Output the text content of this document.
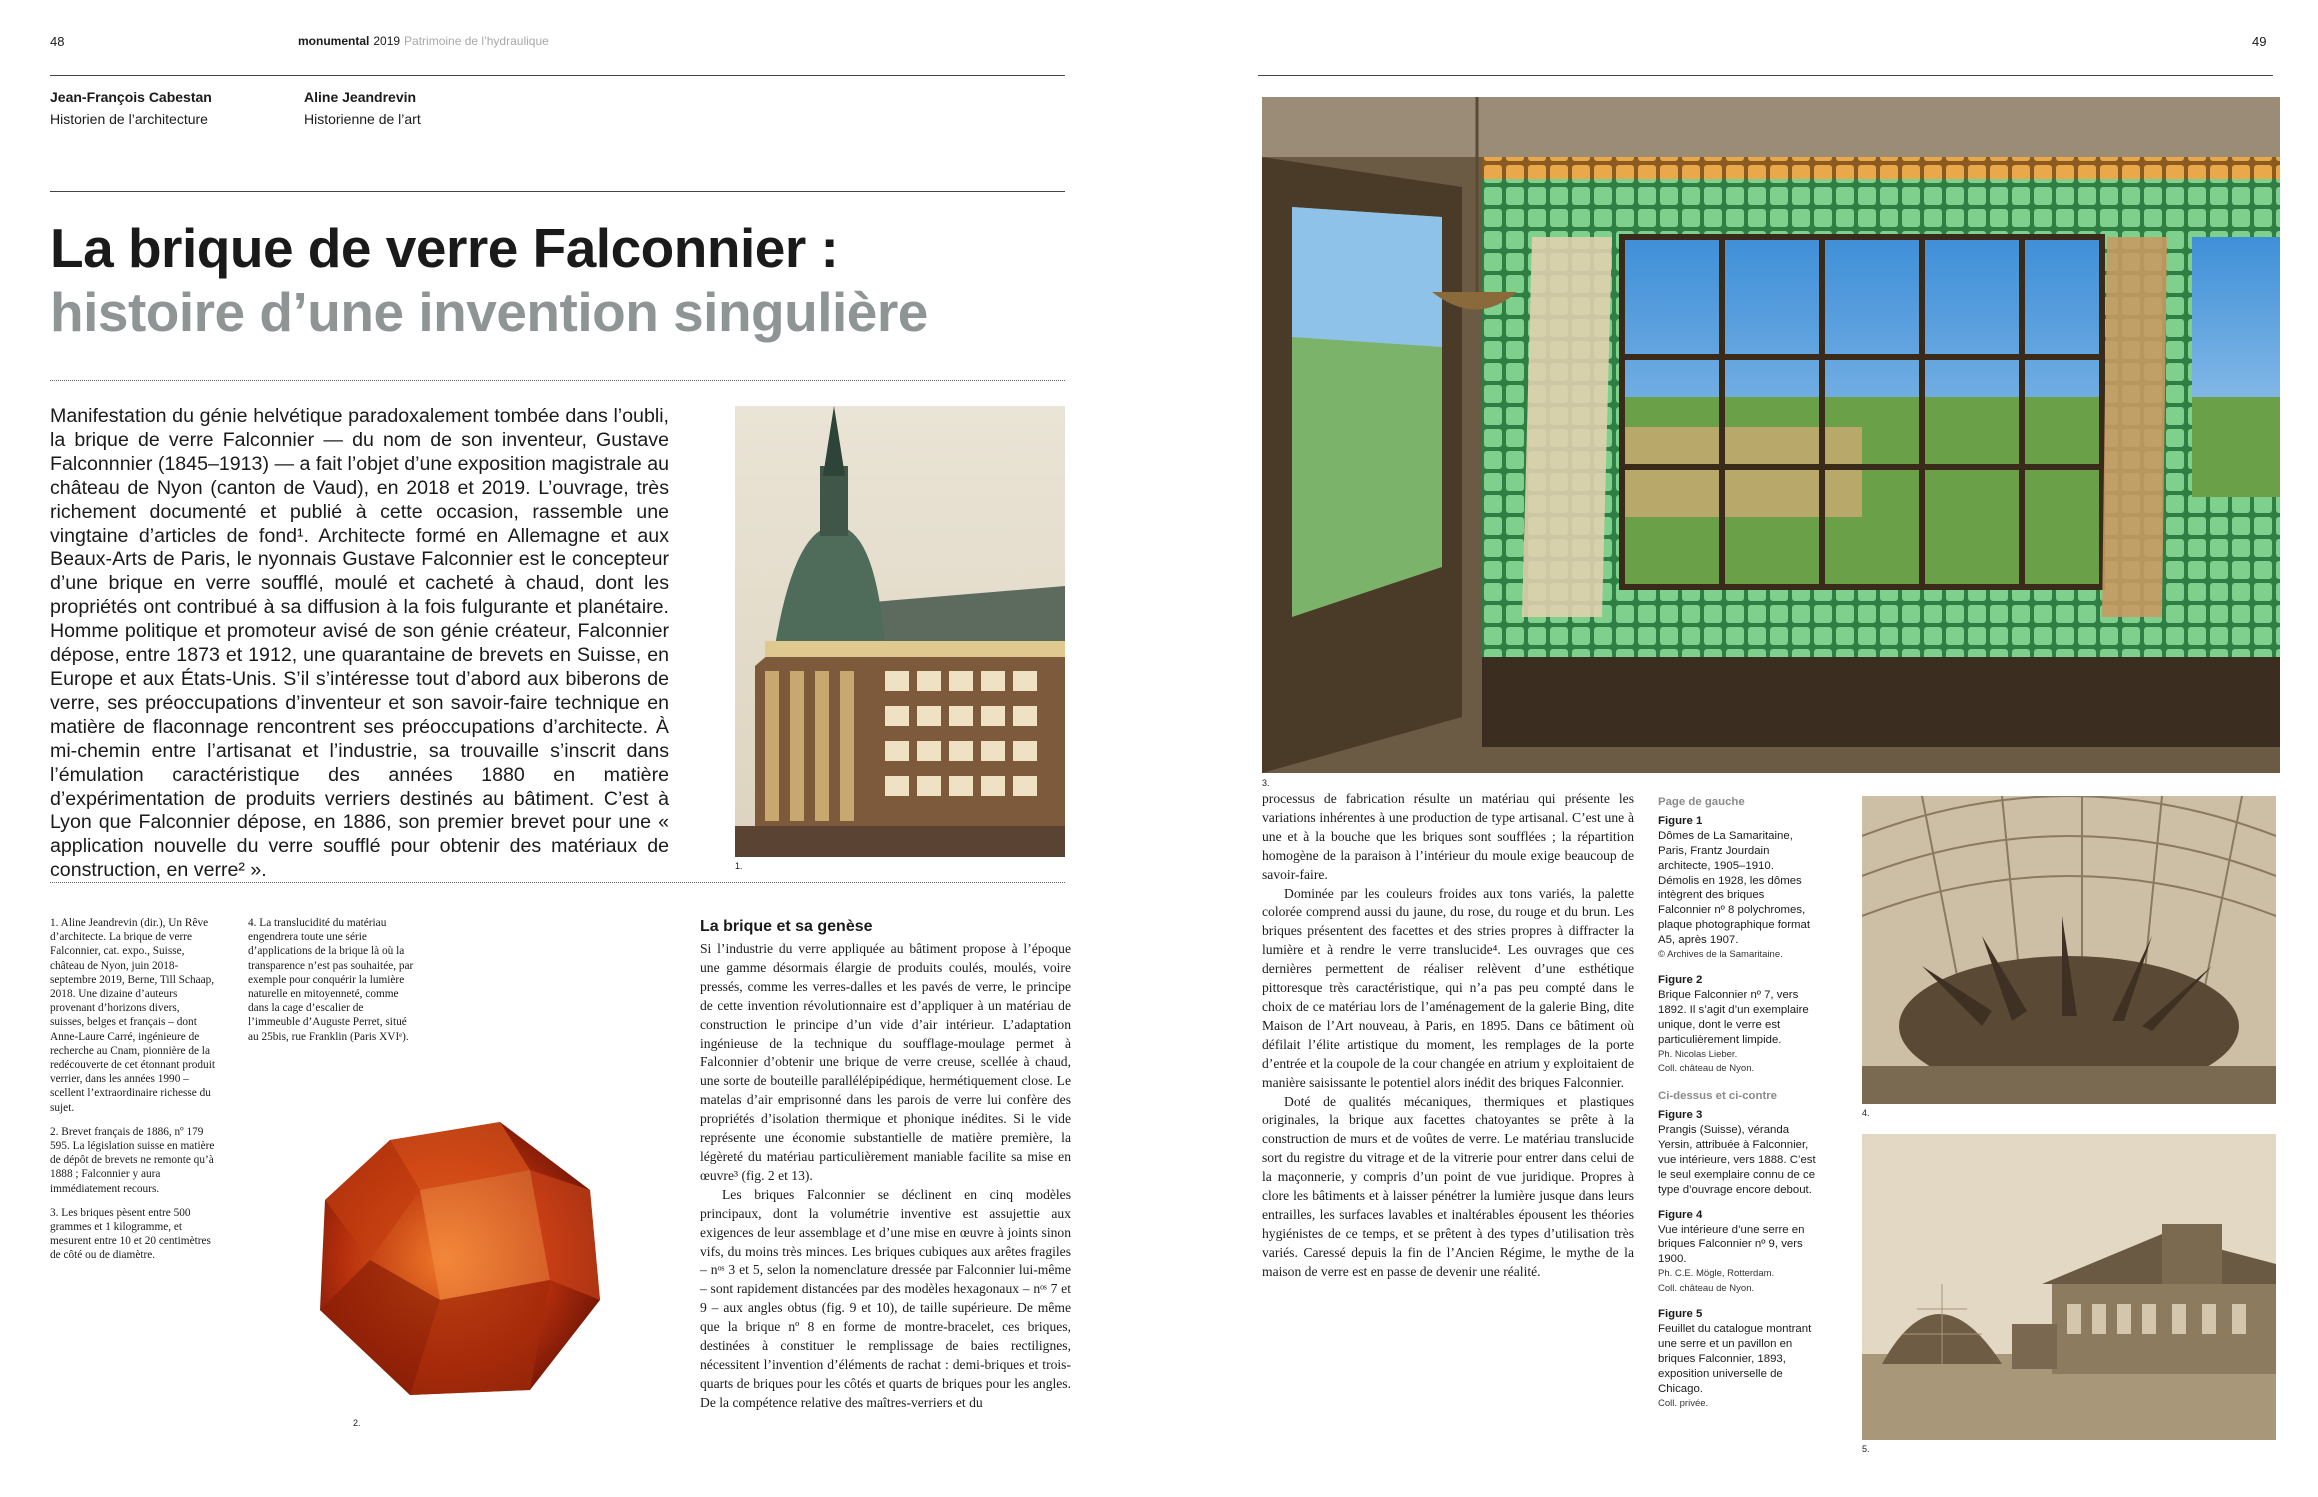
48	monumental 2019 Patrimoine de l’hydraulique	49
Jean-François Cabestan
Historien de l’architecture
Aline Jeandrevin
Historienne de l’art
La brique de verre Falconnier :
histoire d’une invention singulière
Manifestation du génie helvétique paradoxalement tombée dans l’oubli, la brique de verre Falconnier — du nom de son inventeur, Gustave Falconnnier (1845–1913) — a fait l’objet d’une exposition magistrale au château de Nyon (canton de Vaud), en 2018 et 2019. L’ouvrage, très richement documenté et publié à cette occasion, rassemble une vingtaine d’articles de fond¹. Architecte formé en Allemagne et aux Beaux-Arts de Paris, le nyonnais Gustave Falconnier est le concepteur d’une brique en verre soufflé, moulé et cacheté à chaud, dont les propriétés ont contribué à sa diffusion à la fois fulgurante et planétaire. Homme politique et promoteur avisé de son génie créateur, Falconnier dépose, entre 1873 et 1912, une quarantaine de brevets en Suisse, en Europe et aux États-Unis. S’il s’intéresse tout d’abord aux biberons de verre, ses préoccupations d’inventeur et son savoir-faire technique en matière de flaconnage rencontrent ses préoccupations d’architecte. À mi-chemin entre l’artisanat et l’industrie, sa trouvaille s’inscrit dans l’émulation caractéristique des années 1880 en matière d’expérimentation de produits verriers destinés au bâtiment. C’est à Lyon que Falconnier dépose, en 1886, son premier brevet pour une « application nouvelle du verre soufflé pour obtenir des matériaux de construction, en verre² ».	1.

1. Aline Jeandrevin (dir.), Un Rêve d’architecte. La brique de verre Falconnier, cat. expo., Suisse, château de Nyon, juin 2018-septembre 2019, Berne, Till Schaap, 2018. Une dizaine d’auteurs provenant d’horizons divers, suisses, belges et français – dont Anne-Laure Carré, ingénieure de recherche au Cnam, pionnière de la redécouverte de cet étonnant produit verrier, dans les années 1990 – scellent l’extraordinaire richesse du sujet.

2. Brevet français de 1886, nº 179 595. La législation suisse en matière de dépôt de brevets ne remonte qu’à 1888 ; Falconnier y aura immédiatement recours.

3. Les briques pèsent entre 500 grammes et 1 kilogramme, et mesurent entre 10 et 20 centimètres de côté ou de diamètre.

4. La translucidité du matériau engendrera toute une série d’applications de la brique là où la transparence n’est pas souhaitée, par exemple pour conquérir la lumière naturelle en mitoyenneté, comme dans la cage d’escalier de l’immeuble d’Auguste Perret, situé au 25bis, rue Franklin (Paris XVIᵉ).

2.
La brique et sa genèse

Si l’industrie du verre appliquée au bâtiment propose à l’époque une gamme désormais élargie de produits coulés, moulés, voire pressés, comme les verres-dalles et les pavés de verre, le principe de cette invention révolutionnaire est d’appliquer à un matériau de construction le principe d’un vide d’air intérieur. L’adaptation ingénieuse de la technique du soufflage-moulage permet à Falconnier d’obtenir une brique de verre creuse, scellée à chaud, une sorte de bouteille parallélépipédique, hermétiquement close. Le matelas d’air emprisonné dans les parois de verre lui confère des propriétés d’isolation thermique et phonique inédites. Si le vide représente une économie substantielle de matière première, la légèreté du matériau particulièrement maniable facilite sa mise en œuvre³ (fig. 2 et 13).

Les briques Falconnier se déclinent en cinq modèles principaux, dont la volumétrie inventive est assujettie aux exigences de leur assemblage et d’une mise en œuvre à joints sinon vifs, du moins très minces. Les briques cubiques aux arêtes fragiles – nᵒˢ 3 et 5, selon la nomenclature dressée par Falconnier lui-même – sont rapidement distancées par des modèles hexagonaux – nᵒˢ 7 et 9 – aux angles obtus (fig. 9 et 10), de taille supérieure. De même que la brique nº 8 en forme de montre-bracelet, ces briques, destinées à constituer le remplissage de baies rectilignes, nécessitent l’invention d’éléments de rachat : demi-briques et trois-quarts de briques pour les côtés et quarts de briques pour les angles. De la compétence relative des maîtres-verriers et du

3.

processus de fabrication résulte un matériau qui présente les variations inhérentes à une production de type artisanal. C’est une à une et à la bouche que les briques sont soufflées ; la répartition homogène de la paraison à l’intérieur du moule exige beaucoup de savoir-faire.

Dominée par les couleurs froides aux tons variés, la palette colorée comprend aussi du jaune, du rose, du rouge et du brun. Les briques présentent des facettes et des stries propres à diffracter la lumière et à rendre le verre translucide⁴. Les ouvrages que ces dernières permettent de réaliser relèvent d’une esthétique pittoresque très caractéristique, qui n’a pas peu compté dans le choix de ce matériau lors de l’aménagement de la galerie Bing, dite Maison de l’Art nouveau, à Paris, en 1895. Dans ce bâtiment où défilait l’élite artistique du moment, les remplages de la porte d’entrée et la coupole de la cour changée en atrium y exploitaient de manière saisissante le potentiel alors inédit des briques Falconnier.

Doté de qualités mécaniques, thermiques et plastiques originales, la brique aux facettes chatoyantes se prête à la construction de murs et de voûtes de verre. Le matériau translucide sort du registre du vitrage et de la vitrerie pour entrer dans celui de la maçonnerie, y compris d’un point de vue juridique. Propres à clore les bâtiments et à laisser pénétrer la lumière jusque dans leurs entrailles, les surfaces lavables et inaltérables épousent les théories hygiénistes de ce temps, et se prêtent à des types d’utilisation très variés. Caressé depuis la fin de l’Ancien Régime, le mythe de la maison de verre est en passe de devenir une réalité.

Page de gauche
Figure 1
Dômes de La Samaritaine, Paris, Frantz Jourdain architecte, 1905–1910. Démolis en 1928, les dômes intègrent des briques Falconnier nº 8 polychromes, plaque photographique format A5, après 1907.
© Archives de la Samaritaine.
Figure 2
Brique Falconnier nº 7, vers 1892. Il s’agit d’un exemplaire unique, dont le verre est particulièrement limpide.
Ph. Nicolas Lieber.
Coll. château de Nyon.
Ci-dessus et ci-contre
Figure 3
Prangis (Suisse), véranda Yersin, attribuée à Falconnier, vue intérieure, vers 1888. C’est le seul exemplaire connu de ce type d’ouvrage encore debout.
Figure 4
Vue intérieure d’une serre en briques Falconnier nº 9, vers 1900.
Ph. C.E. Mögle, Rotterdam.
Coll. château de Nyon.
Figure 5
Feuillet du catalogue montrant une serre et un pavillon en briques Falconnier, 1893, exposition universelle de Chicago.
Coll. privée.
4.
5.
